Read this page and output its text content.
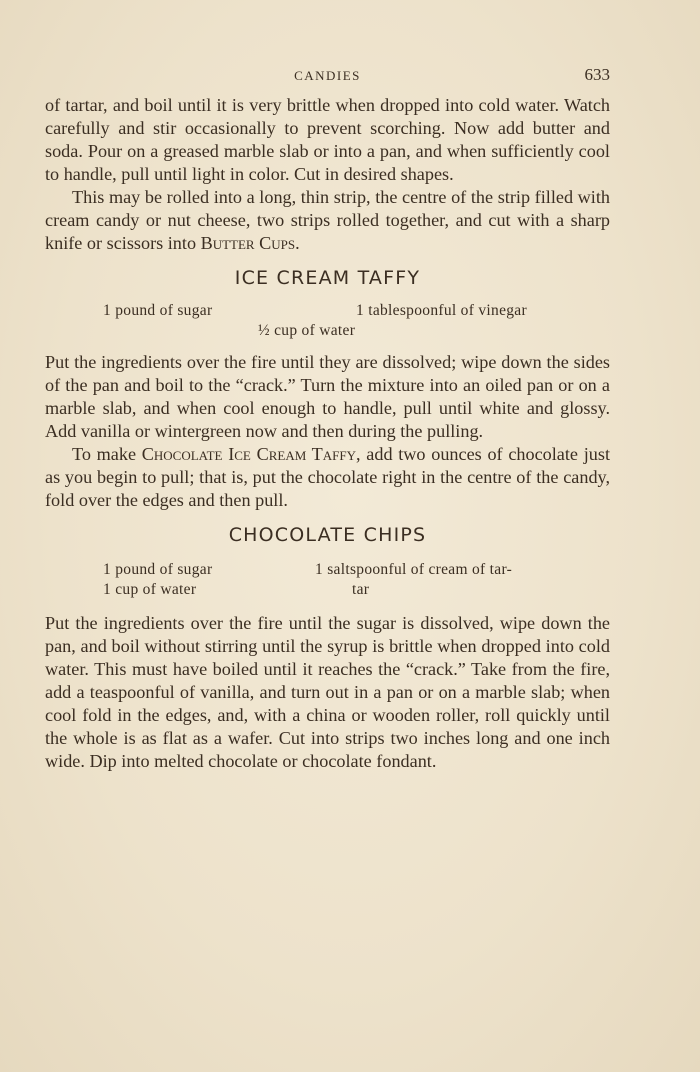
CANDIES	633

of tartar, and boil until it is very brittle when dropped into cold water. Watch carefully and stir occasionally to prevent scorching. Now add butter and soda. Pour on a greased marble slab or into a pan, and when sufficiently cool to handle, pull until light in color. Cut in desired shapes.

This may be rolled into a long, thin strip, the centre of the strip filled with cream candy or nut cheese, two strips rolled together, and cut with a sharp knife or scissors into Butter Cups.

ICE CREAM TAFFY
1 pound of sugar	1 tablespoonful of vinegar
½ cup of water

Put the ingredients over the fire until they are dissolved; wipe down the sides of the pan and boil to the “crack.” Turn the mixture into an oiled pan or on a marble slab, and when cool enough to handle, pull until white and glossy. Add vanilla or wintergreen now and then during the pulling.

To make Chocolate Ice Cream Taffy, add two ounces of chocolate just as you begin to pull; that is, put the chocolate right in the centre of the candy, fold over the edges and then pull.

CHOCOLATE CHIPS
1 pound of sugar
1 cup of water
1 saltspoonful of cream of tar-
tar

Put the ingredients over the fire until the sugar is dissolved, wipe down the pan, and boil without stirring until the syrup is brittle when dropped into cold water. This must have boiled until it reaches the “crack.” Take from the fire, add a teaspoonful of vanilla, and turn out in a pan or on a marble slab; when cool fold in the edges, and, with a china or wooden roller, roll quickly until the whole is as flat as a wafer. Cut into strips two inches long and one inch wide. Dip into melted chocolate or chocolate fondant.
